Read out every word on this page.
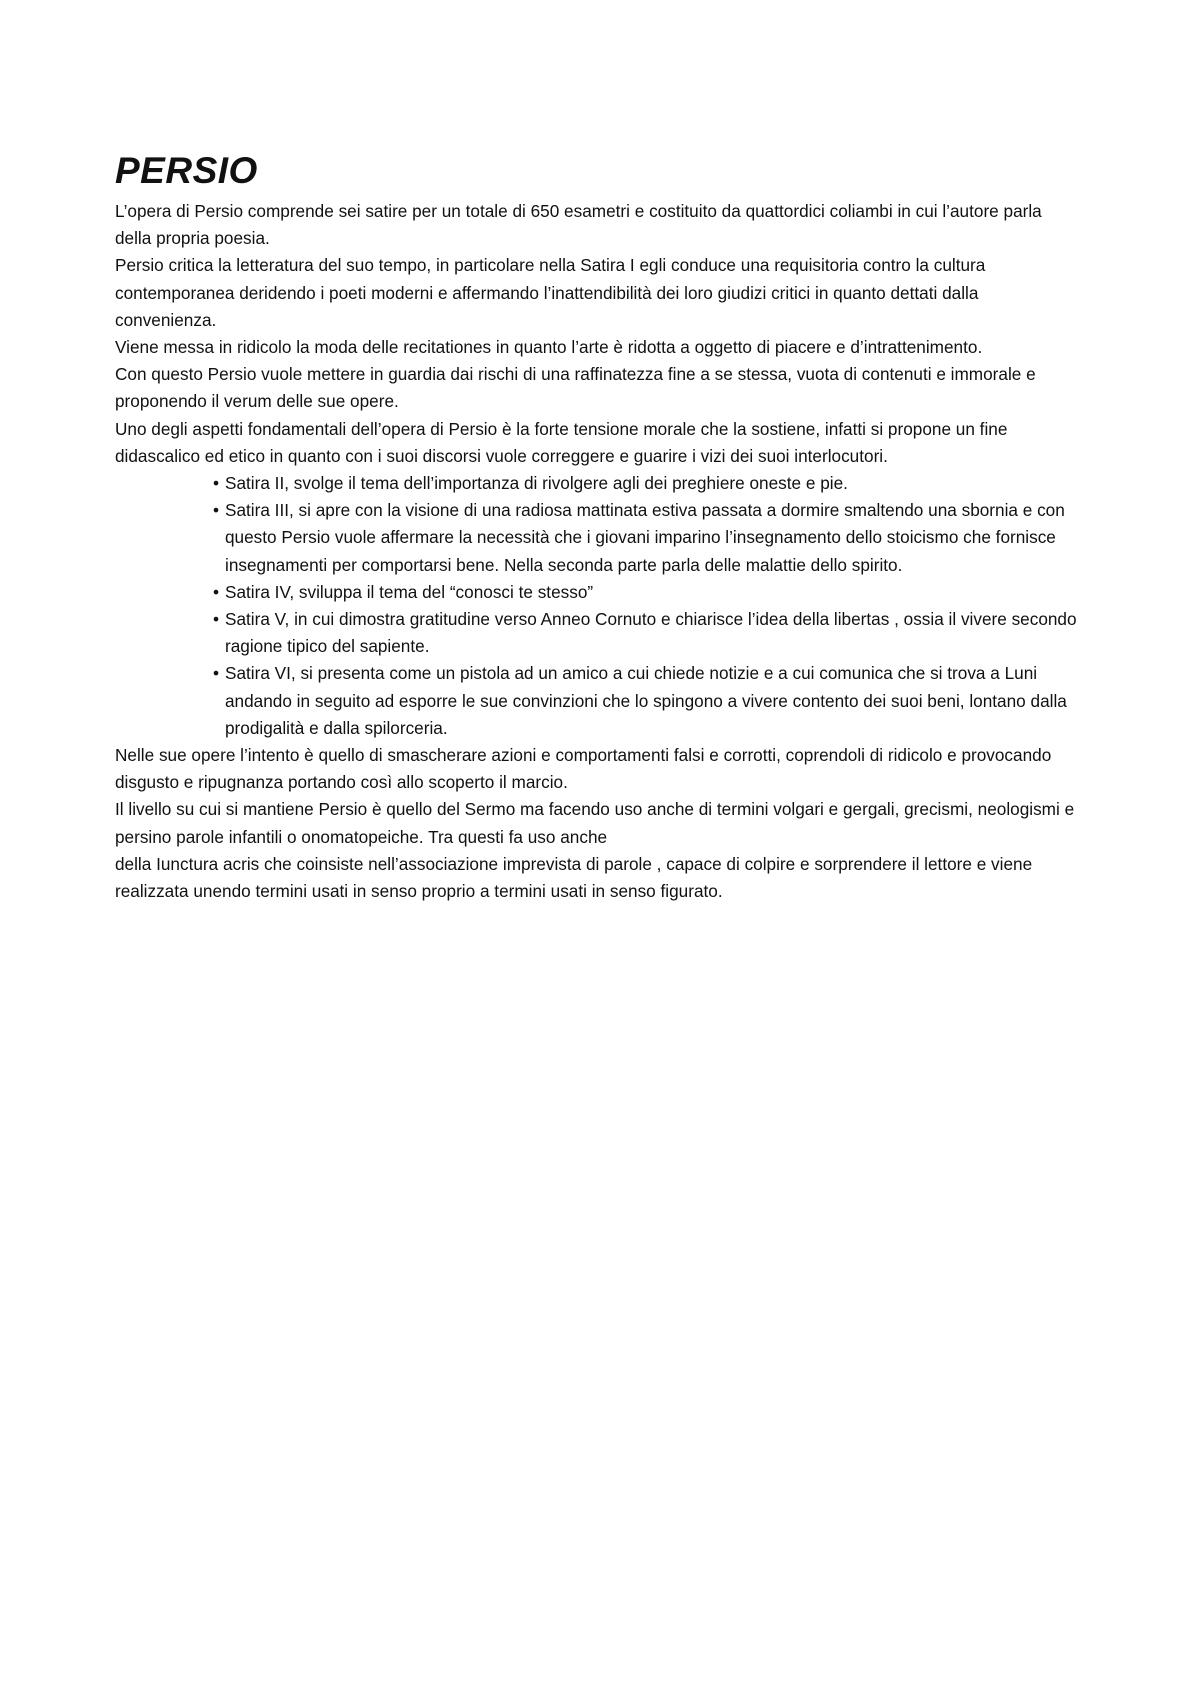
PERSIO

L’opera di Persio comprende sei satire per un totale di 650 esametri e costituito da quattordici coliambi in cui l’autore parla della propria poesia.

Persio critica la letteratura del suo tempo, in particolare nella Satira I egli conduce una requisitoria contro la cultura contemporanea deridendo i poeti moderni e affermando l’inattendibilità dei loro giudizi critici in quanto dettati dalla convenienza.

Viene messa in ridicolo la moda delle recitationes in quanto l’arte è ridotta a oggetto di piacere e d’intrattenimento.

Con questo Persio vuole mettere in guardia dai rischi di una raffinatezza fine a se stessa, vuota di contenuti e immorale e proponendo il verum delle sue opere.

Uno degli aspetti fondamentali dell’opera di Persio è la forte tensione morale che la sostiene, infatti si propone un fine didascalico ed etico in quanto con i suoi discorsi vuole correggere e guarire i vizi dei suoi interlocutori.

• Satira II, svolge il tema dell’importanza di rivolgere agli dei preghiere oneste e pie.
• Satira III, si apre con la visione di una radiosa mattinata estiva passata a dormire smaltendo una sbornia e con questo Persio vuole affermare la necessità che i giovani imparino l’insegnamento dello stoicismo che fornisce insegnamenti per comportarsi bene. Nella seconda parte parla delle malattie dello spirito.
• Satira IV, sviluppa il tema del “conosci te stesso”
• Satira V, in cui dimostra gratitudine verso Anneo Cornuto e chiarisce l’idea della libertas , ossia il vivere secondo ragione tipico del sapiente.
• Satira VI, si presenta come un pistola ad un amico a cui chiede notizie e a cui comunica che si trova a Luni andando in seguito ad esporre le sue convinzioni che lo spingono a vivere contento dei suoi beni, lontano dalla prodigalità e dalla spilorceria.

Nelle sue opere l’intento è quello di smascherare azioni e comportamenti falsi e corrotti, coprendoli di ridicolo e provocando disgusto e ripugnanza portando così allo scoperto il marcio.

Il livello su cui si mantiene Persio è quello del Sermo ma facendo uso anche di termini volgari e gergali, grecismi, neologismi e persino parole infantili o onomatopeiche. Tra questi fa uso anche

della Iunctura acris che coinsiste nell’associazione imprevista di parole , capace di colpire e sorprendere il lettore e viene realizzata unendo termini usati in senso proprio a termini usati in senso figurato.
